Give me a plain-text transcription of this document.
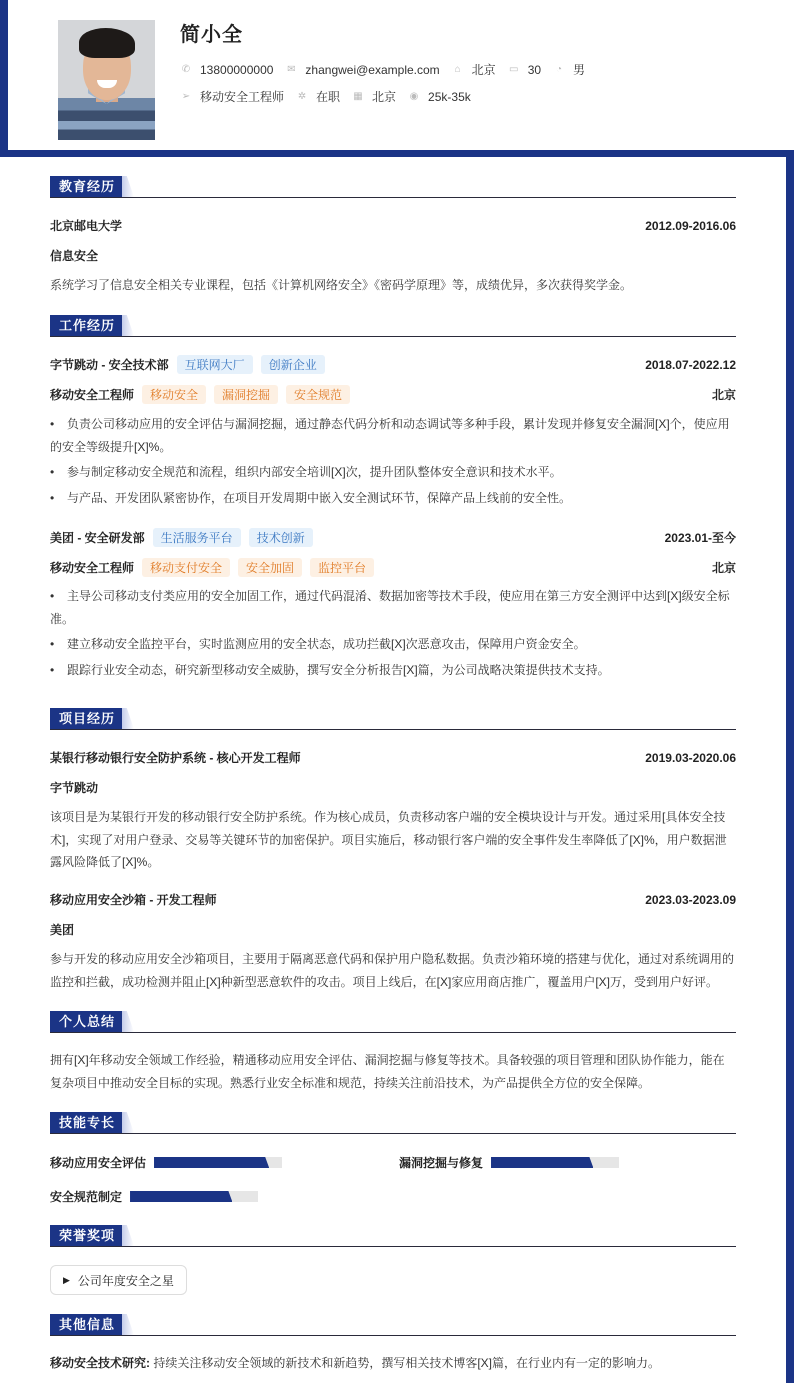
简小全
✆ 13800000000 ✉ zhangwei@example.com ⌂ 北京 ▭ 30 ◔ 男
➢ 移动安全工程师 ✲ 在职 ▦ 北京 ◉ 25k-35k
教育经历
北京邮电大学	2012.09-2016.06
信息安全
系统学习了信息安全相关专业课程，包括《计算机网络安全》《密码学原理》等，成绩优异，多次获得奖学金。
工作经历
字节跳动 - 安全技术部 互联网大厂 创新企业	2018.07-2022.12
移动安全工程师 移动安全 漏洞挖掘 安全规范	北京
• 负责公司移动应用的安全评估与漏洞挖掘，通过静态代码分析和动态调试等多种手段，累计发现并修复安全漏洞[X]个，使应用的安全等级提升[X]%。
• 参与制定移动安全规范和流程，组织内部安全培训[X]次，提升团队整体安全意识和技术水平。
• 与产品、开发团队紧密协作，在项目开发周期中嵌入安全测试环节，保障产品上线前的安全性。
美团 - 安全研发部 生活服务平台 技术创新	2023.01-至今
移动安全工程师 移动支付安全 安全加固 监控平台	北京
• 主导公司移动支付类应用的安全加固工作，通过代码混淆、数据加密等技术手段，使应用在第三方安全测评中达到[X]级安全标准。
• 建立移动安全监控平台，实时监测应用的安全状态，成功拦截[X]次恶意攻击，保障用户资金安全。
• 跟踪行业安全动态，研究新型移动安全威胁，撰写安全分析报告[X]篇，为公司战略决策提供技术支持。
项目经历
某银行移动银行安全防护系统 - 核心开发工程师	2019.03-2020.06
字节跳动
该项目是为某银行开发的移动银行安全防护系统。作为核心成员，负责移动客户端的安全模块设计与开发。通过采用[具体安全技术]，实现了对用户登录、交易等关键环节的加密保护。项目实施后，移动银行客户端的安全事件发生率降低了[X]%，用户数据泄露风险降低了[X]%。
移动应用安全沙箱 - 开发工程师	2023.03-2023.09
美团
参与开发的移动应用安全沙箱项目，主要用于隔离恶意代码和保护用户隐私数据。负责沙箱环境的搭建与优化，通过对系统调用的监控和拦截，成功检测并阻止[X]种新型恶意软件的攻击。项目上线后，在[X]家应用商店推广，覆盖用户[X]万，受到用户好评。
个人总结
拥有[X]年移动安全领域工作经验，精通移动应用安全评估、漏洞挖掘与修复等技术。具备较强的项目管理和团队协作能力，能在复杂项目中推动安全目标的实现。熟悉行业安全标准和规范，持续关注前沿技术，为产品提供全方位的安全保障。
技能专长
移动应用安全评估	漏洞挖掘与修复
安全规范制定
荣誉奖项
▶ 公司年度安全之星
其他信息
移动安全技术研究: 持续关注移动安全领域的新技术和新趋势，撰写相关技术博客[X]篇，在行业内有一定的影响力。
